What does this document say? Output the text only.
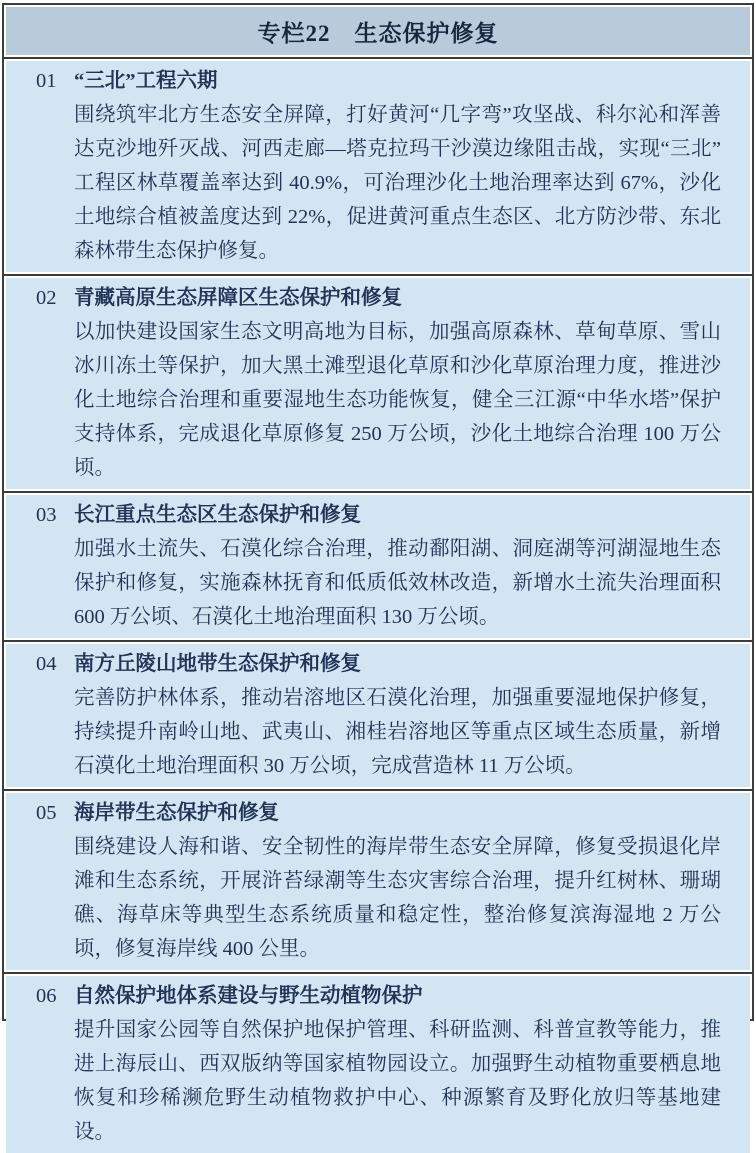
专栏22　生态保护修复
01 “三北”工程六期

围绕筑牢北方生态安全屏障，打好黄河“几字弯”攻坚战、科尔沁和浑善达克沙地歼灭战、河西走廊—塔克拉玛干沙漠边缘阻击战，实现“三北”工程区林草覆盖率达到 40.9%，可治理沙化土地治理率达到 67%，沙化土地综合植被盖度达到 22%，促进黄河重点生态区、北方防沙带、东北森林带生态保护修复。

02 青藏高原生态屏障区生态保护和修复

以加快建设国家生态文明高地为目标，加强高原森林、草甸草原、雪山冰川冻土等保护，加大黑土滩型退化草原和沙化草原治理力度，推进沙化土地综合治理和重要湿地生态功能恢复，健全三江源“中华水塔”保护支持体系，完成退化草原修复 250 万公顷，沙化土地综合治理 100 万公顷。

03 长江重点生态区生态保护和修复

加强水土流失、石漠化综合治理，推动鄱阳湖、洞庭湖等河湖湿地生态保护和修复，实施森林抚育和低质低效林改造，新增水土流失治理面积 600 万公顷、石漠化土地治理面积 130 万公顷。

04 南方丘陵山地带生态保护和修复

完善防护林体系，推动岩溶地区石漠化治理，加强重要湿地保护修复，持续提升南岭山地、武夷山、湘桂岩溶地区等重点区域生态质量，新增石漠化土地治理面积 30 万公顷，完成营造林 11 万公顷。

05 海岸带生态保护和修复

围绕建设人海和谐、安全韧性的海岸带生态安全屏障，修复受损退化岸滩和生态系统，开展浒苔绿潮等生态灾害综合治理，提升红树林、珊瑚礁、海草床等典型生态系统质量和稳定性，整治修复滨海湿地 2 万公顷，修复海岸线 400 公里。

06 自然保护地体系建设与野生动植物保护

提升国家公园等自然保护地保护管理、科研监测、科普宣教等能力，推进上海辰山、西双版纳等国家植物园设立。加强野生动植物重要栖息地恢复和珍稀濒危野生动植物救护中心、种源繁育及野化放归等基地建设。
